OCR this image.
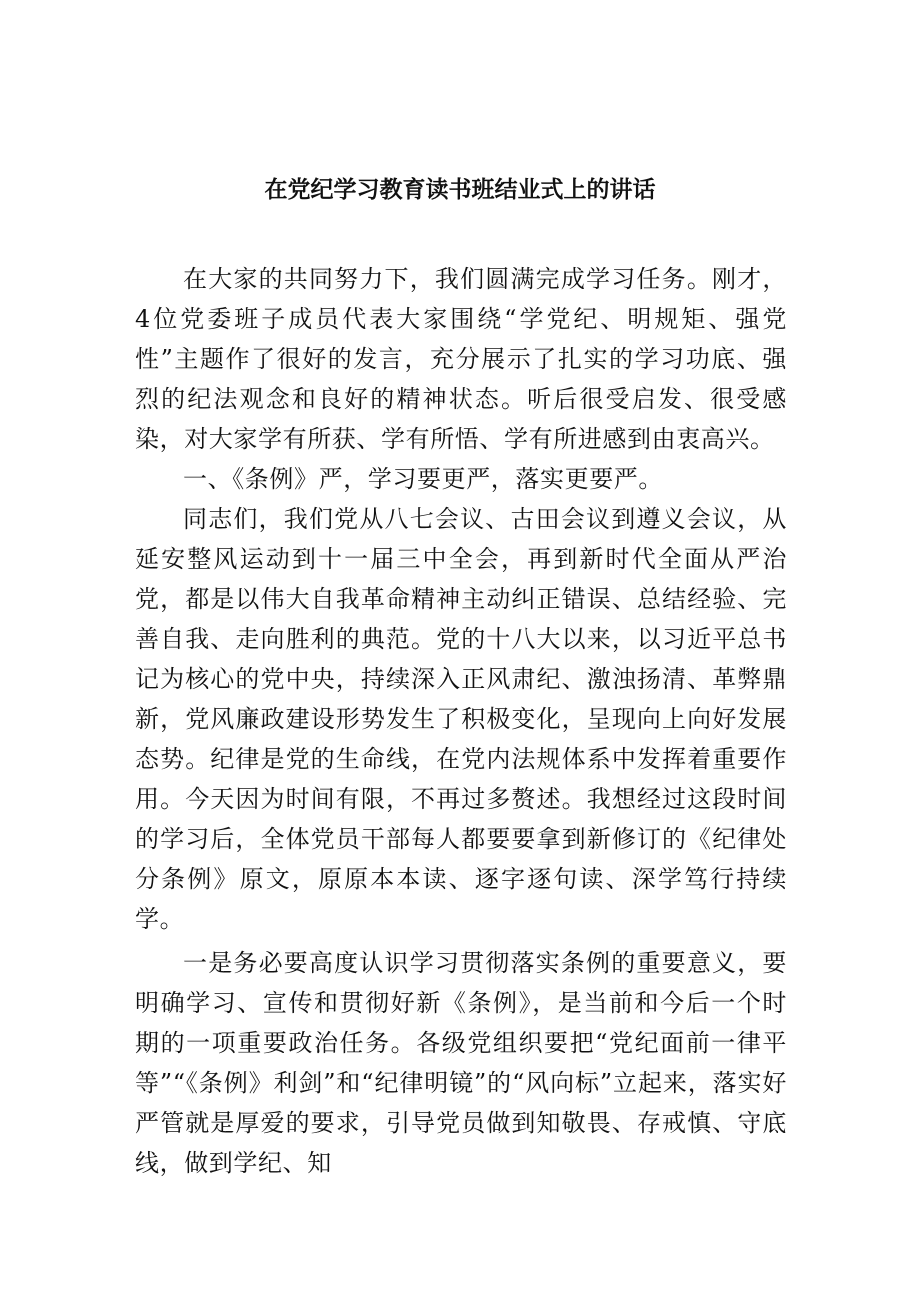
在党纪学习教育读书班结业式上的讲话

在大家的共同努力下，我们圆满完成学习任务。刚才，4位党委班子成员代表大家围绕“学党纪、明规矩、强党性”主题作了很好的发言，充分展示了扎实的学习功底、强烈的纪法观念和良好的精神状态。听后很受启发、很受感染，对大家学有所获、学有所悟、学有所进感到由衷高兴。

一、《条例》严，学习要更严，落实更要严。

同志们，我们党从八七会议、古田会议到遵义会议，从延安整风运动到十一届三中全会，再到新时代全面从严治党，都是以伟大自我革命精神主动纠正错误、总结经验、完善自我、走向胜利的典范。党的十八大以来，以习近平总书记为核心的党中央，持续深入正风肃纪、激浊扬清、革弊鼎新，党风廉政建设形势发生了积极变化，呈现向上向好发展态势。纪律是党的生命线，在党内法规体系中发挥着重要作用。今天因为时间有限，不再过多赘述。我想经过这段时间的学习后，全体党员干部每人都要要拿到新修订的《纪律处分条例》原文，原原本本读、逐字逐句读、深学笃行持续学。

一是务必要高度认识学习贯彻落实条例的重要意义，要明确学习、宣传和贯彻好新《条例》，是当前和今后一个时期的一项重要政治任务。各级党组织要把“党纪面前一律平等”“《条例》利剑”和“纪律明镜”的“风向标”立起来，落实好严管就是厚爱的要求，引导党员做到知敬畏、存戒慎、守底线，做到学纪、知
